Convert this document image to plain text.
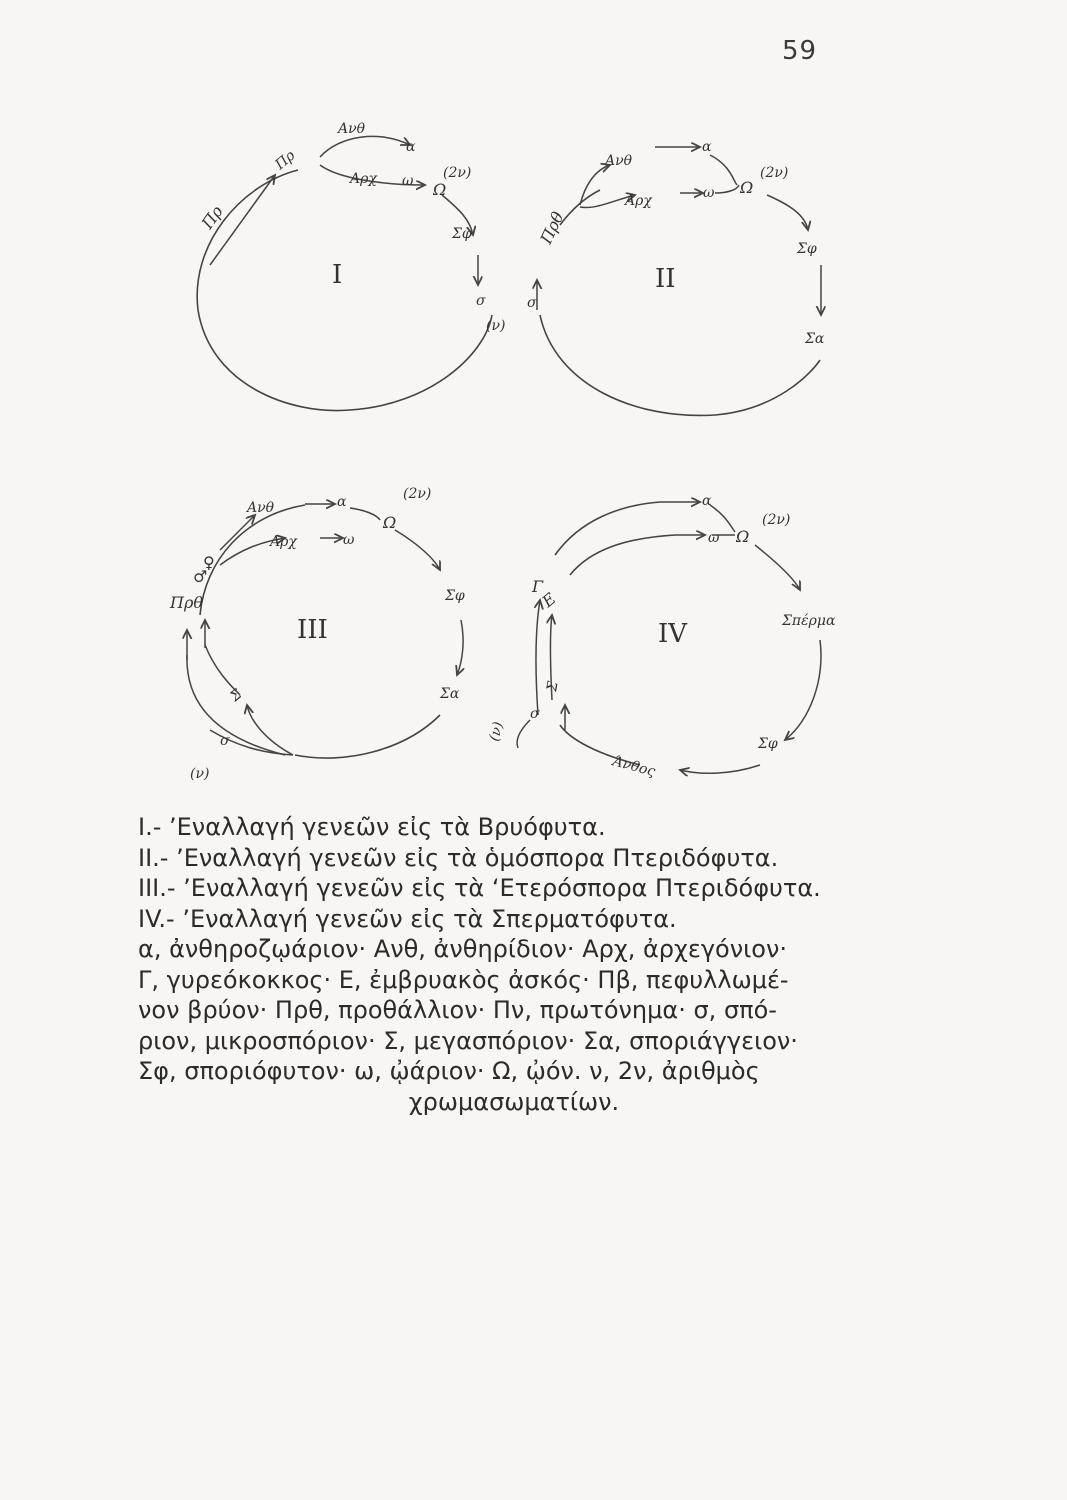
59
Πρ
Πρ
Ανθ
α
Αρχ ω Ω
(2ν)
Σφ
σ
(ν)
I
Πρθ
Ανθ
α
Αρχ	ω Ω
(2ν)
Σφ
Σα
σ
II
Πρθ
Ανθ	α
Αρχ	ω
Ω
(2ν)
Σφ
Σα
♂
♀
σ
Σ
(ν)
III
Γ
Ε
α
ω Ω
(2ν)
Σπέρμα
Σφ
Άνθος
σ
Σ
(ν)
IV
I.- ’Εναλλαγή γενεῶν εἰς τὰ Βρυόφυτα.
II.- ’Εναλλαγή γενεῶν εἰς τὰ ὁμόσπορα Πτεριδόφυτα.
III.- ’Εναλλαγή γενεῶν εἰς τὰ ‘Ετερόσπορα Πτεριδόφυτα.
IV.- ’Εναλλαγή γενεῶν εἰς τὰ Σπερματόφυτα.
α, ἀνθηροζῳάριον· Ανθ, ἀνθηρίδιον· Αρχ, ἀρχεγόνιον·
Γ, γυρεόκοκκος· Ε, ἐμβρυακὸς ἀσκός· Πβ, πεφυλλωμέ-
νον βρύον· Πρθ, προθάλλιον· Πν, πρωτόνημα· σ, σπό-
ριον, μικροσπόριον· Σ, μεγασπόριον· Σα, σποριάγγειον·
Σφ, σποριόφυτον· ω, ᾠάριον· Ω, ᾠόν. ν, 2ν, ἀριθμὸς
χρωμασωματίων.
